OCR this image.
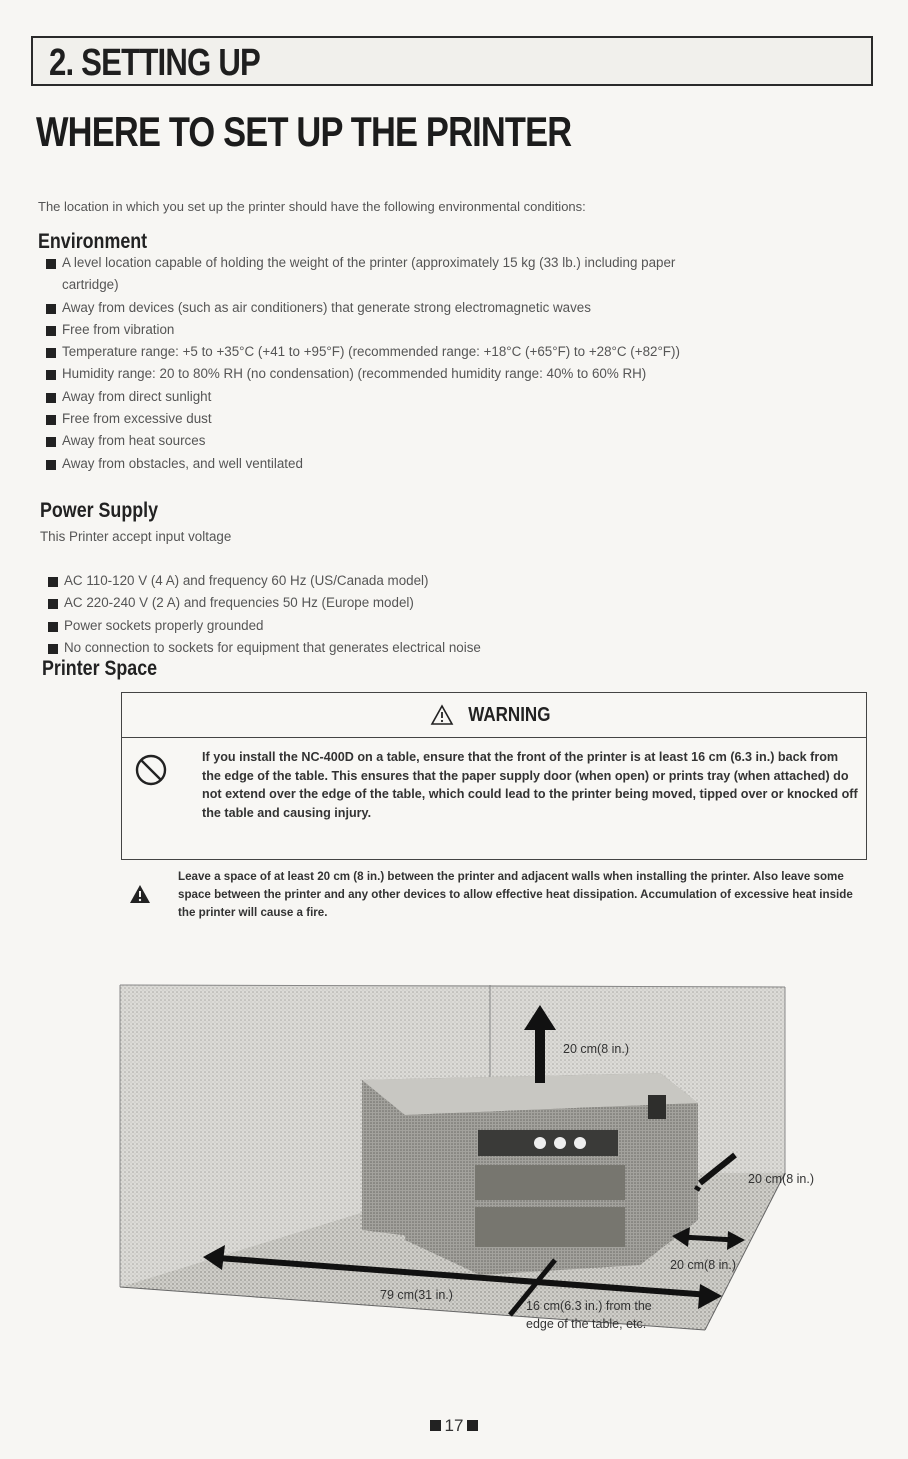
2. SETTING UP
WHERE TO SET UP THE PRINTER
The location in which you set up the printer should have the following environmental conditions:
Environment
A level location capable of holding the weight of the printer (approximately 15 kg (33 lb.) including paper
cartridge)
Away from devices (such as air conditioners) that generate strong electromagnetic waves
Free from vibration
Temperature range: +5 to +35°C (+41 to +95°F) (recommended range: +18°C (+65°F) to +28°C (+82°F))
Humidity range: 20 to 80% RH (no condensation) (recommended humidity range: 40% to 60% RH)
Away from direct sunlight
Free from excessive dust
Away from heat sources
Away from obstacles, and well ventilated
Power Supply
This Printer accept input voltage
AC 110-120 V (4 A) and frequency 60 Hz (US/Canada model)
AC 220-240 V (2 A) and frequencies 50 Hz (Europe model)
Power sockets properly grounded
No connection to sockets for equipment that generates electrical noise
Printer Space
WARNING
If you install the NC-400D on a table, ensure that the front of the printer is at least 16 cm (6.3 in.) back from the edge of the table. This ensures that the paper supply door (when open) or prints tray (when attached) do not extend over the edge of the table, which could lead to the printer being moved, tipped over or knocked off the table and causing injury.
Leave a space of at least 20 cm (8 in.) between the printer and adjacent walls when installing the printer. Also leave some space between the printer and any other devices to allow effective heat dissipation. Accumulation of excessive heat inside the printer will cause a fire.
20 cm(8 in.)
20 cm(8 in.)
20 cm(8 in.)
79 cm(31 in.)
16 cm(6.3 in.) from the
edge of the table, etc.
17
